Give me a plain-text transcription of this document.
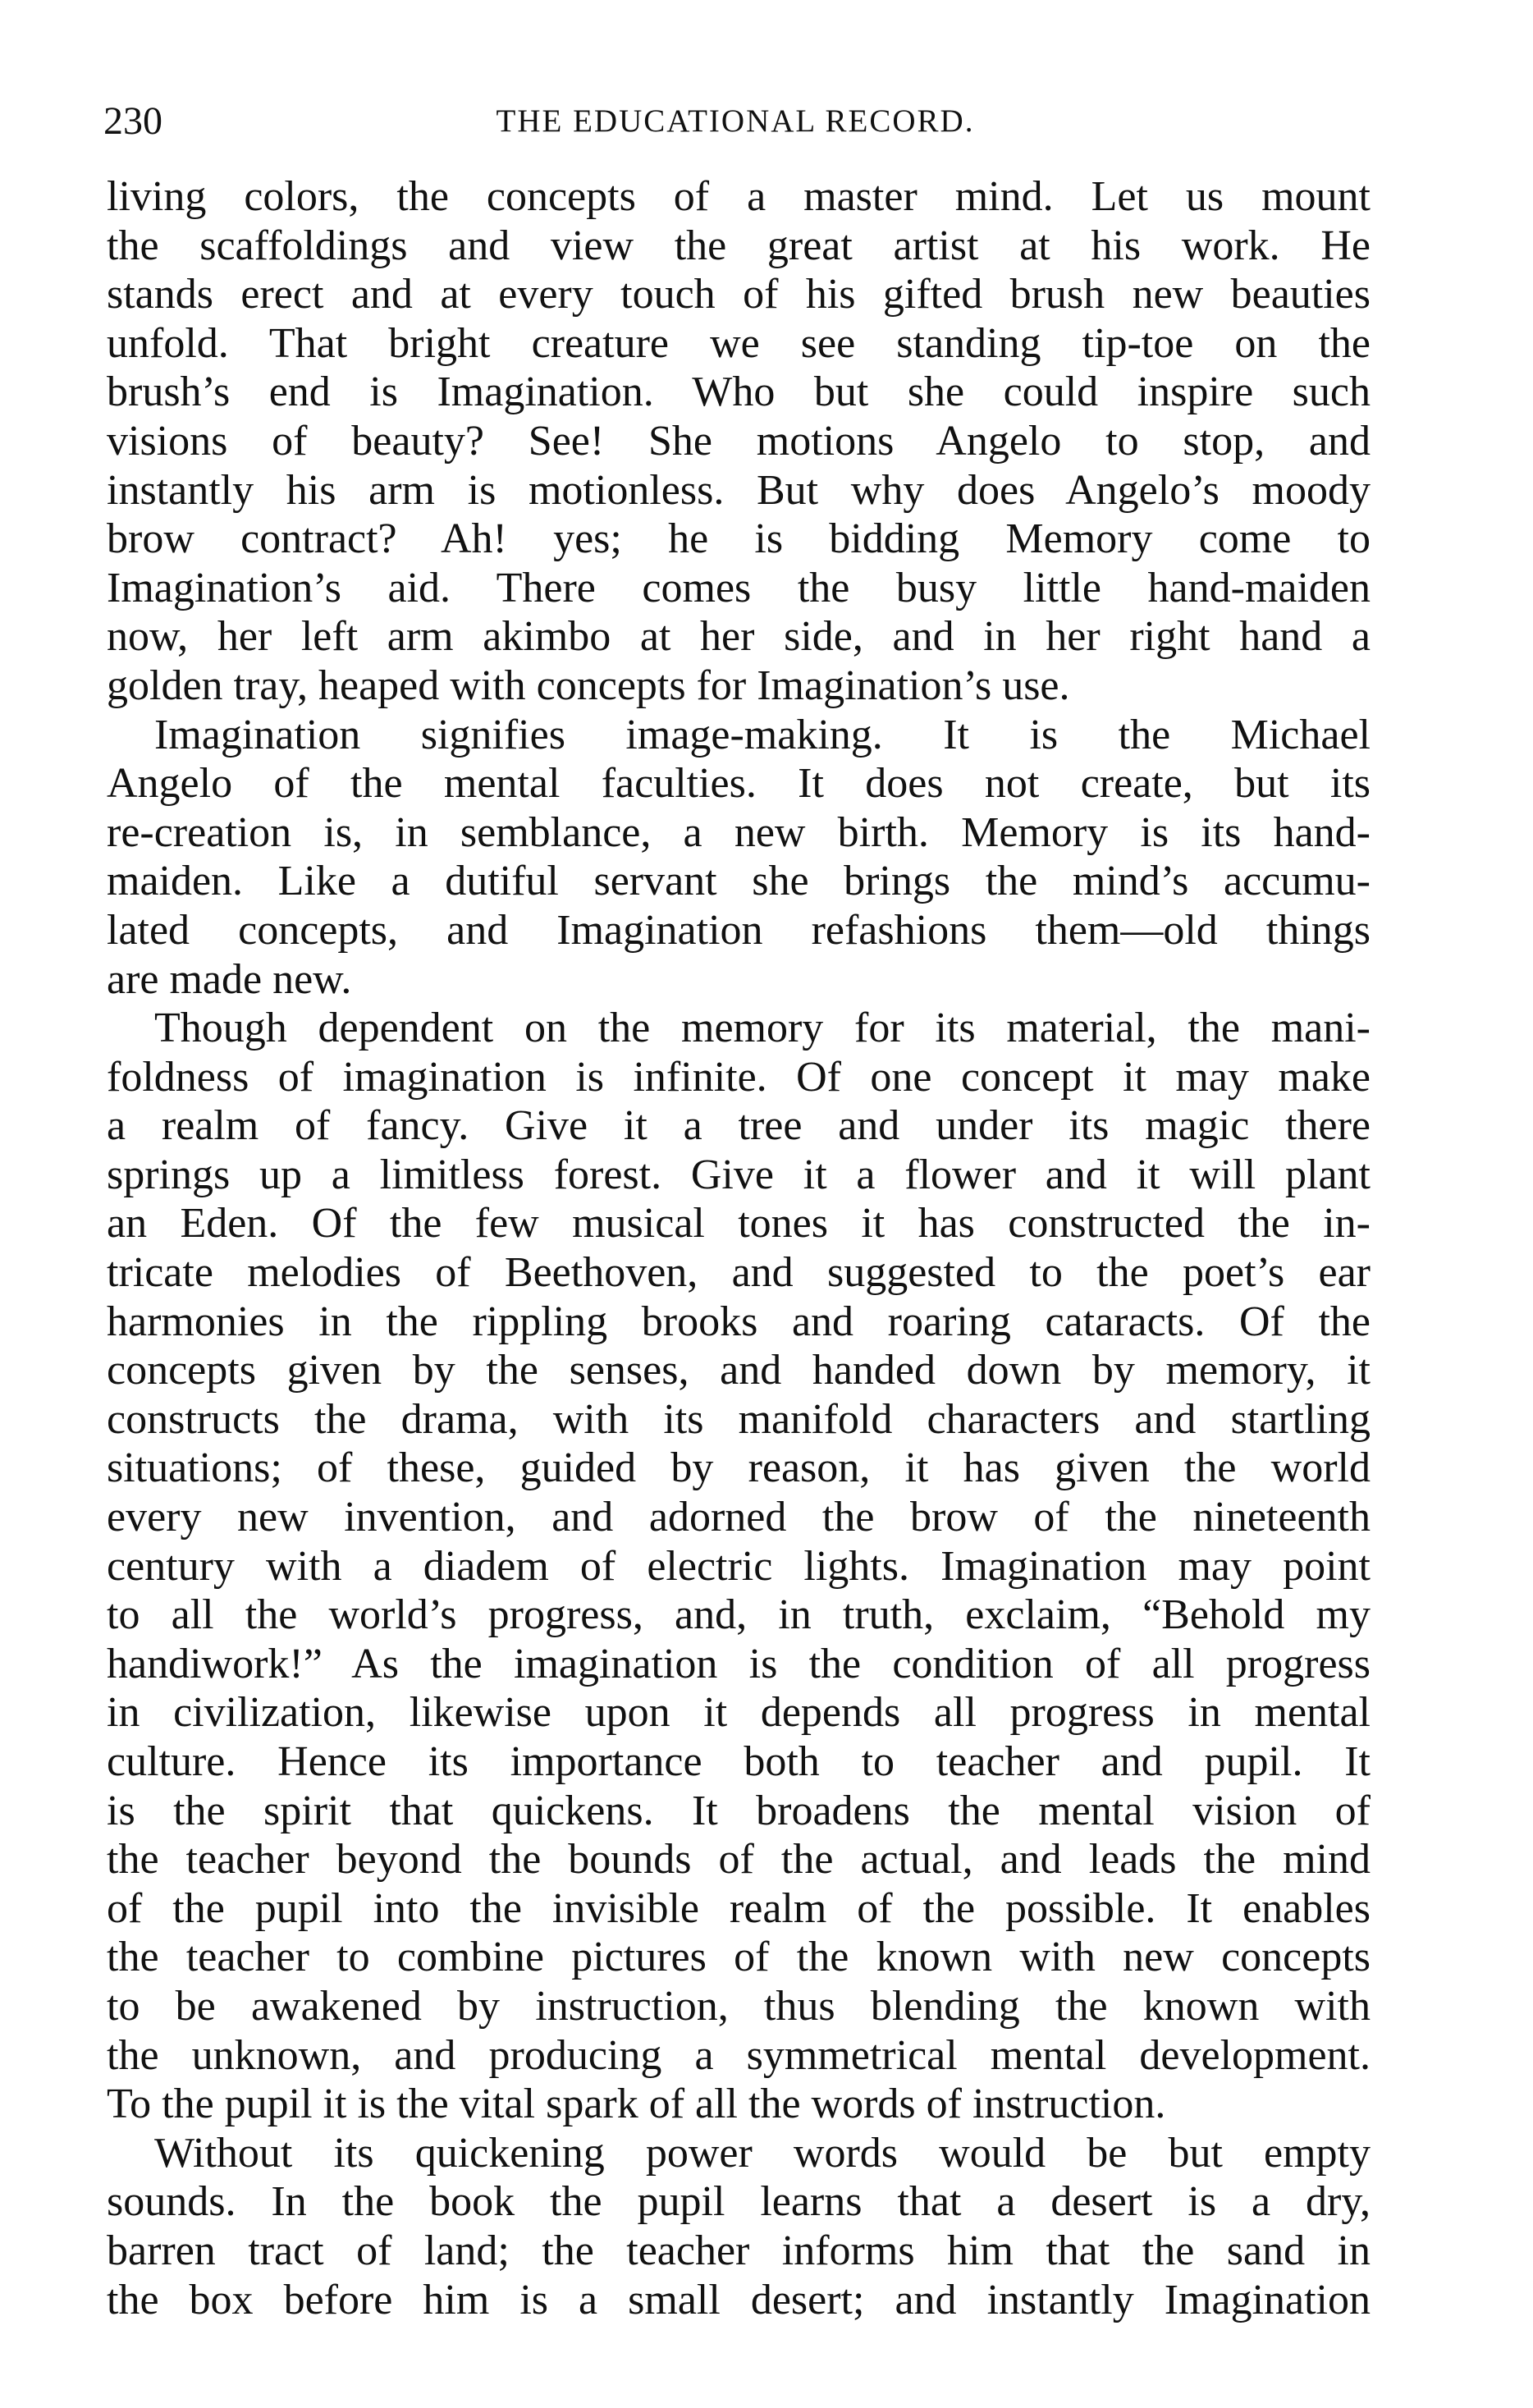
230	THE EDUCATIONAL RECORD.
living colors, the concepts of a master mind. Let us mount
the scaffoldings and view the great artist at his work. He
stands erect and at every touch of his gifted brush new beauties
unfold. That bright creature we see standing tip-toe on the
brush’s end is Imagination. Who but she could inspire such
visions of beauty? See! She motions Angelo to stop, and
instantly his arm is motionless. But why does Angelo’s moody
brow contract? Ah! yes; he is bidding Memory come to
Imagination’s aid. There comes the busy little hand-maiden
now, her left arm akimbo at her side, and in her right hand a
golden tray, heaped with concepts for Imagination’s use.
Imagination signifies image-making. It is the Michael
Angelo of the mental faculties. It does not create, but its
re-creation is, in semblance, a new birth. Memory is its hand-
maiden. Like a dutiful servant she brings the mind’s accumu-
lated concepts, and Imagination refashions them—old things
are made new.
Though dependent on the memory for its material, the mani-
foldness of imagination is infinite. Of one concept it may make
a realm of fancy. Give it a tree and under its magic there
springs up a limitless forest. Give it a flower and it will plant
an Eden. Of the few musical tones it has constructed the in-
tricate melodies of Beethoven, and suggested to the poet’s ear
harmonies in the rippling brooks and roaring cataracts. Of the
concepts given by the senses, and handed down by memory, it
constructs the drama, with its manifold characters and startling
situations; of these, guided by reason, it has given the world
every new invention, and adorned the brow of the nineteenth
century with a diadem of electric lights. Imagination may point
to all the world’s progress, and, in truth, exclaim, “Behold my
handiwork!” As the imagination is the condition of all progress
in civilization, likewise upon it depends all progress in mental
culture. Hence its importance both to teacher and pupil. It
is the spirit that quickens. It broadens the mental vision of
the teacher beyond the bounds of the actual, and leads the mind
of the pupil into the invisible realm of the possible. It enables
the teacher to combine pictures of the known with new concepts
to be awakened by instruction, thus blending the known with
the unknown, and producing a symmetrical mental development.
To the pupil it is the vital spark of all the words of instruction.
Without its quickening power words would be but empty
sounds. In the book the pupil learns that a desert is a dry,
barren tract of land; the teacher informs him that the sand in
the box before him is a small desert; and instantly Imagination
